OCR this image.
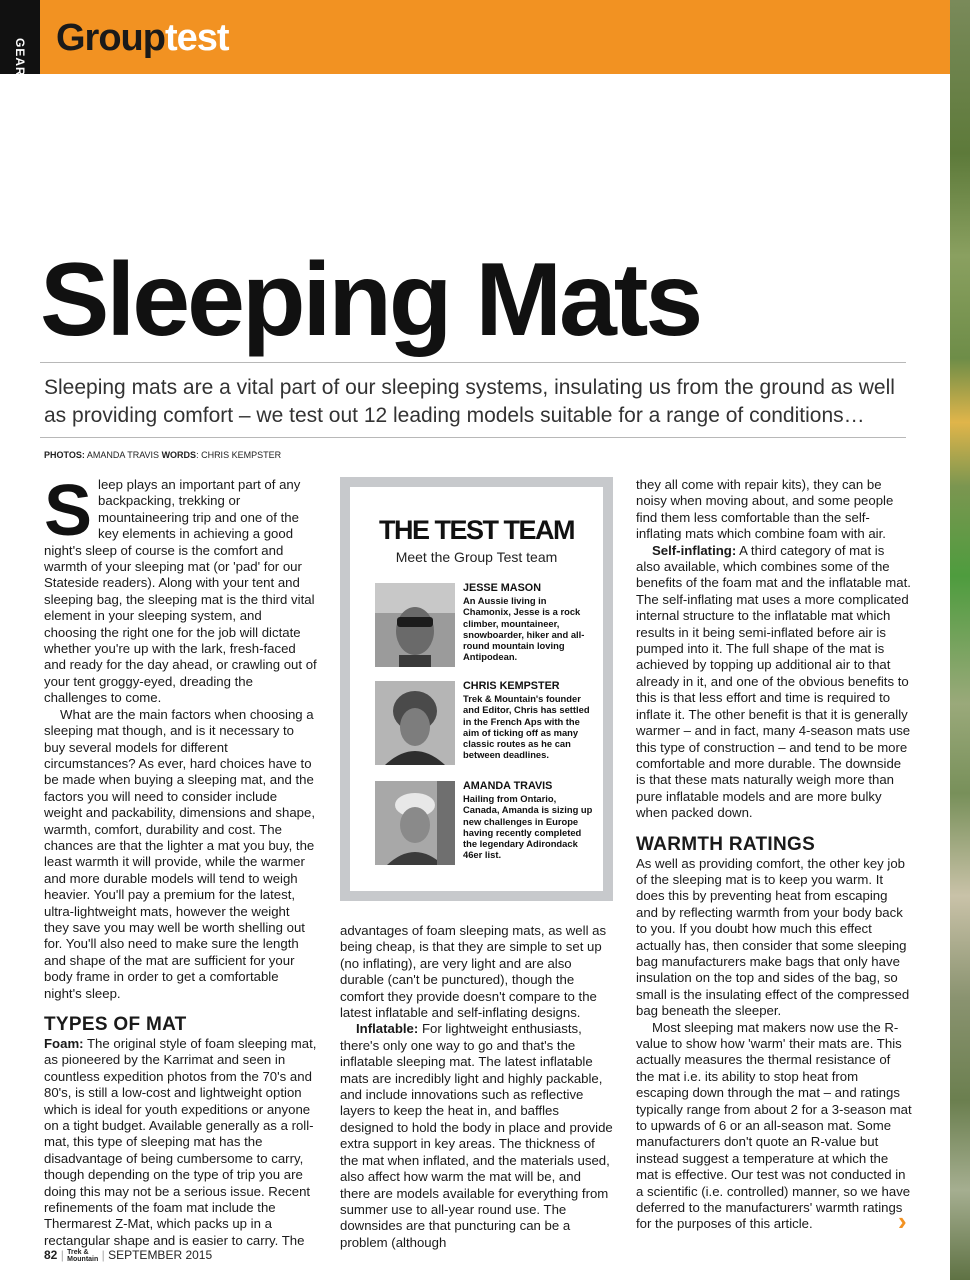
GEAR Grouptest
Sleeping Mats
Sleeping mats are a vital part of our sleeping systems, insulating us from the ground as well as providing comfort – we test out 12 leading models suitable for a range of conditions…
PHOTOS: AMANDA TRAVIS WORDS: CHRIS KEMPSTER

Sleep plays an important part of any backpacking, trekking or mountaineering trip and one of the key elements in achieving a good night's sleep of course is the comfort and warmth of your sleeping mat (or 'pad' for our Stateside readers). Along with your tent and sleeping bag, the sleeping mat is the third vital element in your sleeping system, and choosing the right one for the job will dictate whether you're up with the lark, fresh-faced and ready for the day ahead, or crawling out of your tent groggy-eyed, dreading the challenges to come.

What are the main factors when choosing a sleeping mat though, and is it necessary to buy several models for different circumstances? As ever, hard choices have to be made when buying a sleeping mat, and the factors you will need to consider include weight and packability, dimensions and shape, warmth, comfort, durability and cost. The chances are that the lighter a mat you buy, the least warmth it will provide, while the warmer and more durable models will tend to weigh heavier. You'll pay a premium for the latest, ultra-lightweight mats, however the weight they save you may well be worth shelling out for. You'll also need to make sure the length and shape of the mat are sufficient for your body frame in order to get a comfortable night's sleep.

TYPES OF MAT

Foam: The original style of foam sleeping mat, as pioneered by the Karrimat and seen in countless expedition photos from the 70's and 80's, is still a low-cost and lightweight option which is ideal for youth expeditions or anyone on a tight budget. Available generally as a roll-mat, this type of sleeping mat has the disadvantage of being cumbersome to carry, though depending on the type of trip you are doing this may not be a serious issue. Recent refinements of the foam mat include the Thermarest Z-Mat, which packs up in a rectangular shape and is easier to carry. The

THE TEST TEAM
Meet the Group Test team
JESSE MASON
An Aussie living in Chamonix, Jesse is a rock climber, mountaineer, snowboarder, hiker and all-round mountain loving Antipodean.
CHRIS KEMPSTER
Trek & Mountain's founder and Editor, Chris has settled in the French Aps with the aim of ticking off as many classic routes as he can between deadlines.
AMANDA TRAVIS
Hailing from Ontario, Canada, Amanda is sizing up new challenges in Europe having recently completed the legendary Adirondack 46er list.

advantages of foam sleeping mats, as well as being cheap, is that they are simple to set up (no inflating), are very light and are also durable (can't be punctured), though the comfort they provide doesn't compare to the latest inflatable and self-inflating designs.

Inflatable: For lightweight enthusiasts, there's only one way to go and that's the inflatable sleeping mat. The latest inflatable mats are incredibly light and highly packable, and include innovations such as reflective layers to keep the heat in, and baffles designed to hold the body in place and provide extra support in key areas. The thickness of the mat when inflated, and the materials used, also affect how warm the mat will be, and there are models available for everything from summer use to all-year round use. The downsides are that puncturing can be a problem (although

they all come with repair kits), they can be noisy when moving about, and some people find them less comfortable than the self-inflating mats which combine foam with air.

Self-inflating: A third category of mat is also available, which combines some of the benefits of the foam mat and the inflatable mat. The self-inflating mat uses a more complicated internal structure to the inflatable mat which results in it being semi-inflated before air is pumped into it. The full shape of the mat is achieved by topping up additional air to that already in it, and one of the obvious benefits to this is that less effort and time is required to inflate it. The other benefit is that it is generally warmer – and in fact, many 4-season mats use this type of construction – and tend to be more comfortable and more durable. The downside is that these mats naturally weigh more than pure inflatable models and are more bulky when packed down.

WARMTH RATINGS

As well as providing comfort, the other key job of the sleeping mat is to keep you warm. It does this by preventing heat from escaping and by reflecting warmth from your body back to you. If you doubt how much this effect actually has, then consider that some sleeping bag manufacturers make bags that only have insulation on the top and sides of the bag, so small is the insulating effect of the compressed bag beneath the sleeper.

Most sleeping mat makers now use the R-value to show how 'warm' their mats are. This actually measures the thermal resistance of the mat i.e. its ability to stop heat from escaping down through the mat – and ratings typically range from about 2 for a 3-season mat to upwards of 6 or an all-season mat. Some manufacturers don't quote an R-value but instead suggest a temperature at which the mat is effective. Our test was not conducted in a scientific (i.e. controlled) manner, so we have deferred to the manufacturers' warmth ratings for the purposes of this article.	›
82 | Trek &
Mountain | SEPTEMBER 2015
